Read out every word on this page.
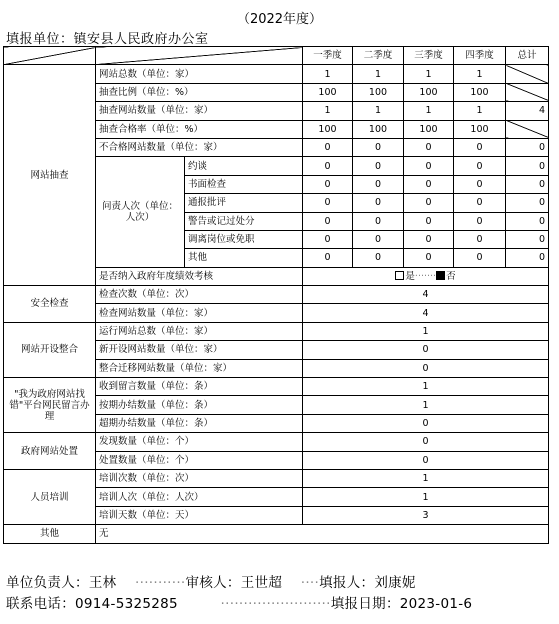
（2022年度）
填报单位：镇安县人民政府办公室
			一季度	二季度	三季度	四季度	总计
网站抽查	网站总数（单位：家）		1	1	1	1	
	抽查比例（单位：%）		100	100	100	100	
	抽查网站数量（单位：家）		1	1	1	1	4
	抽查合格率（单位：%）		100	100	100	100	
	不合格网站数量（单位：家）		0	0	0	0	0
	问责人次（单位：人次）	约谈	0	0	0	0	0
		书面检查	0	0	0	0	0
		通报批评	0	0	0	0	0
		警告或记过处分	0	0	0	0	0
		调离岗位或免职	0	0	0	0	0
		其他	0	0	0	0	0
	是否纳入政府年度绩效考核		是······· 否				
安全检查	检查次数（单位：次）		4				
	检查网站数量（单位：家）		4				
网站开设整合	运行网站总数（单位：家）		1				
	新开设网站数量（单位：家）		0				
	整合迁移网站数量（单位：家）		0				
"我为政府网站找错"平台网民留言办理	收到留言数量（单位：条）		1				
	按期办结数量（单位：条）		1				
	超期办结数量（单位：条）		0				
政府网站处置	发现数量（单位：个）		0				
	处置数量（单位：个）		0				
人员培训	培训次数（单位：次）		1				
	培训人次（单位：人次）		1				
	培训天数（单位：天）		3				
其他	无						
单位负责人：王林 ···········审核人：王世超 ····填报人：刘康妮
联系电话：0914-5325285	························填报日期：2023-01-6
